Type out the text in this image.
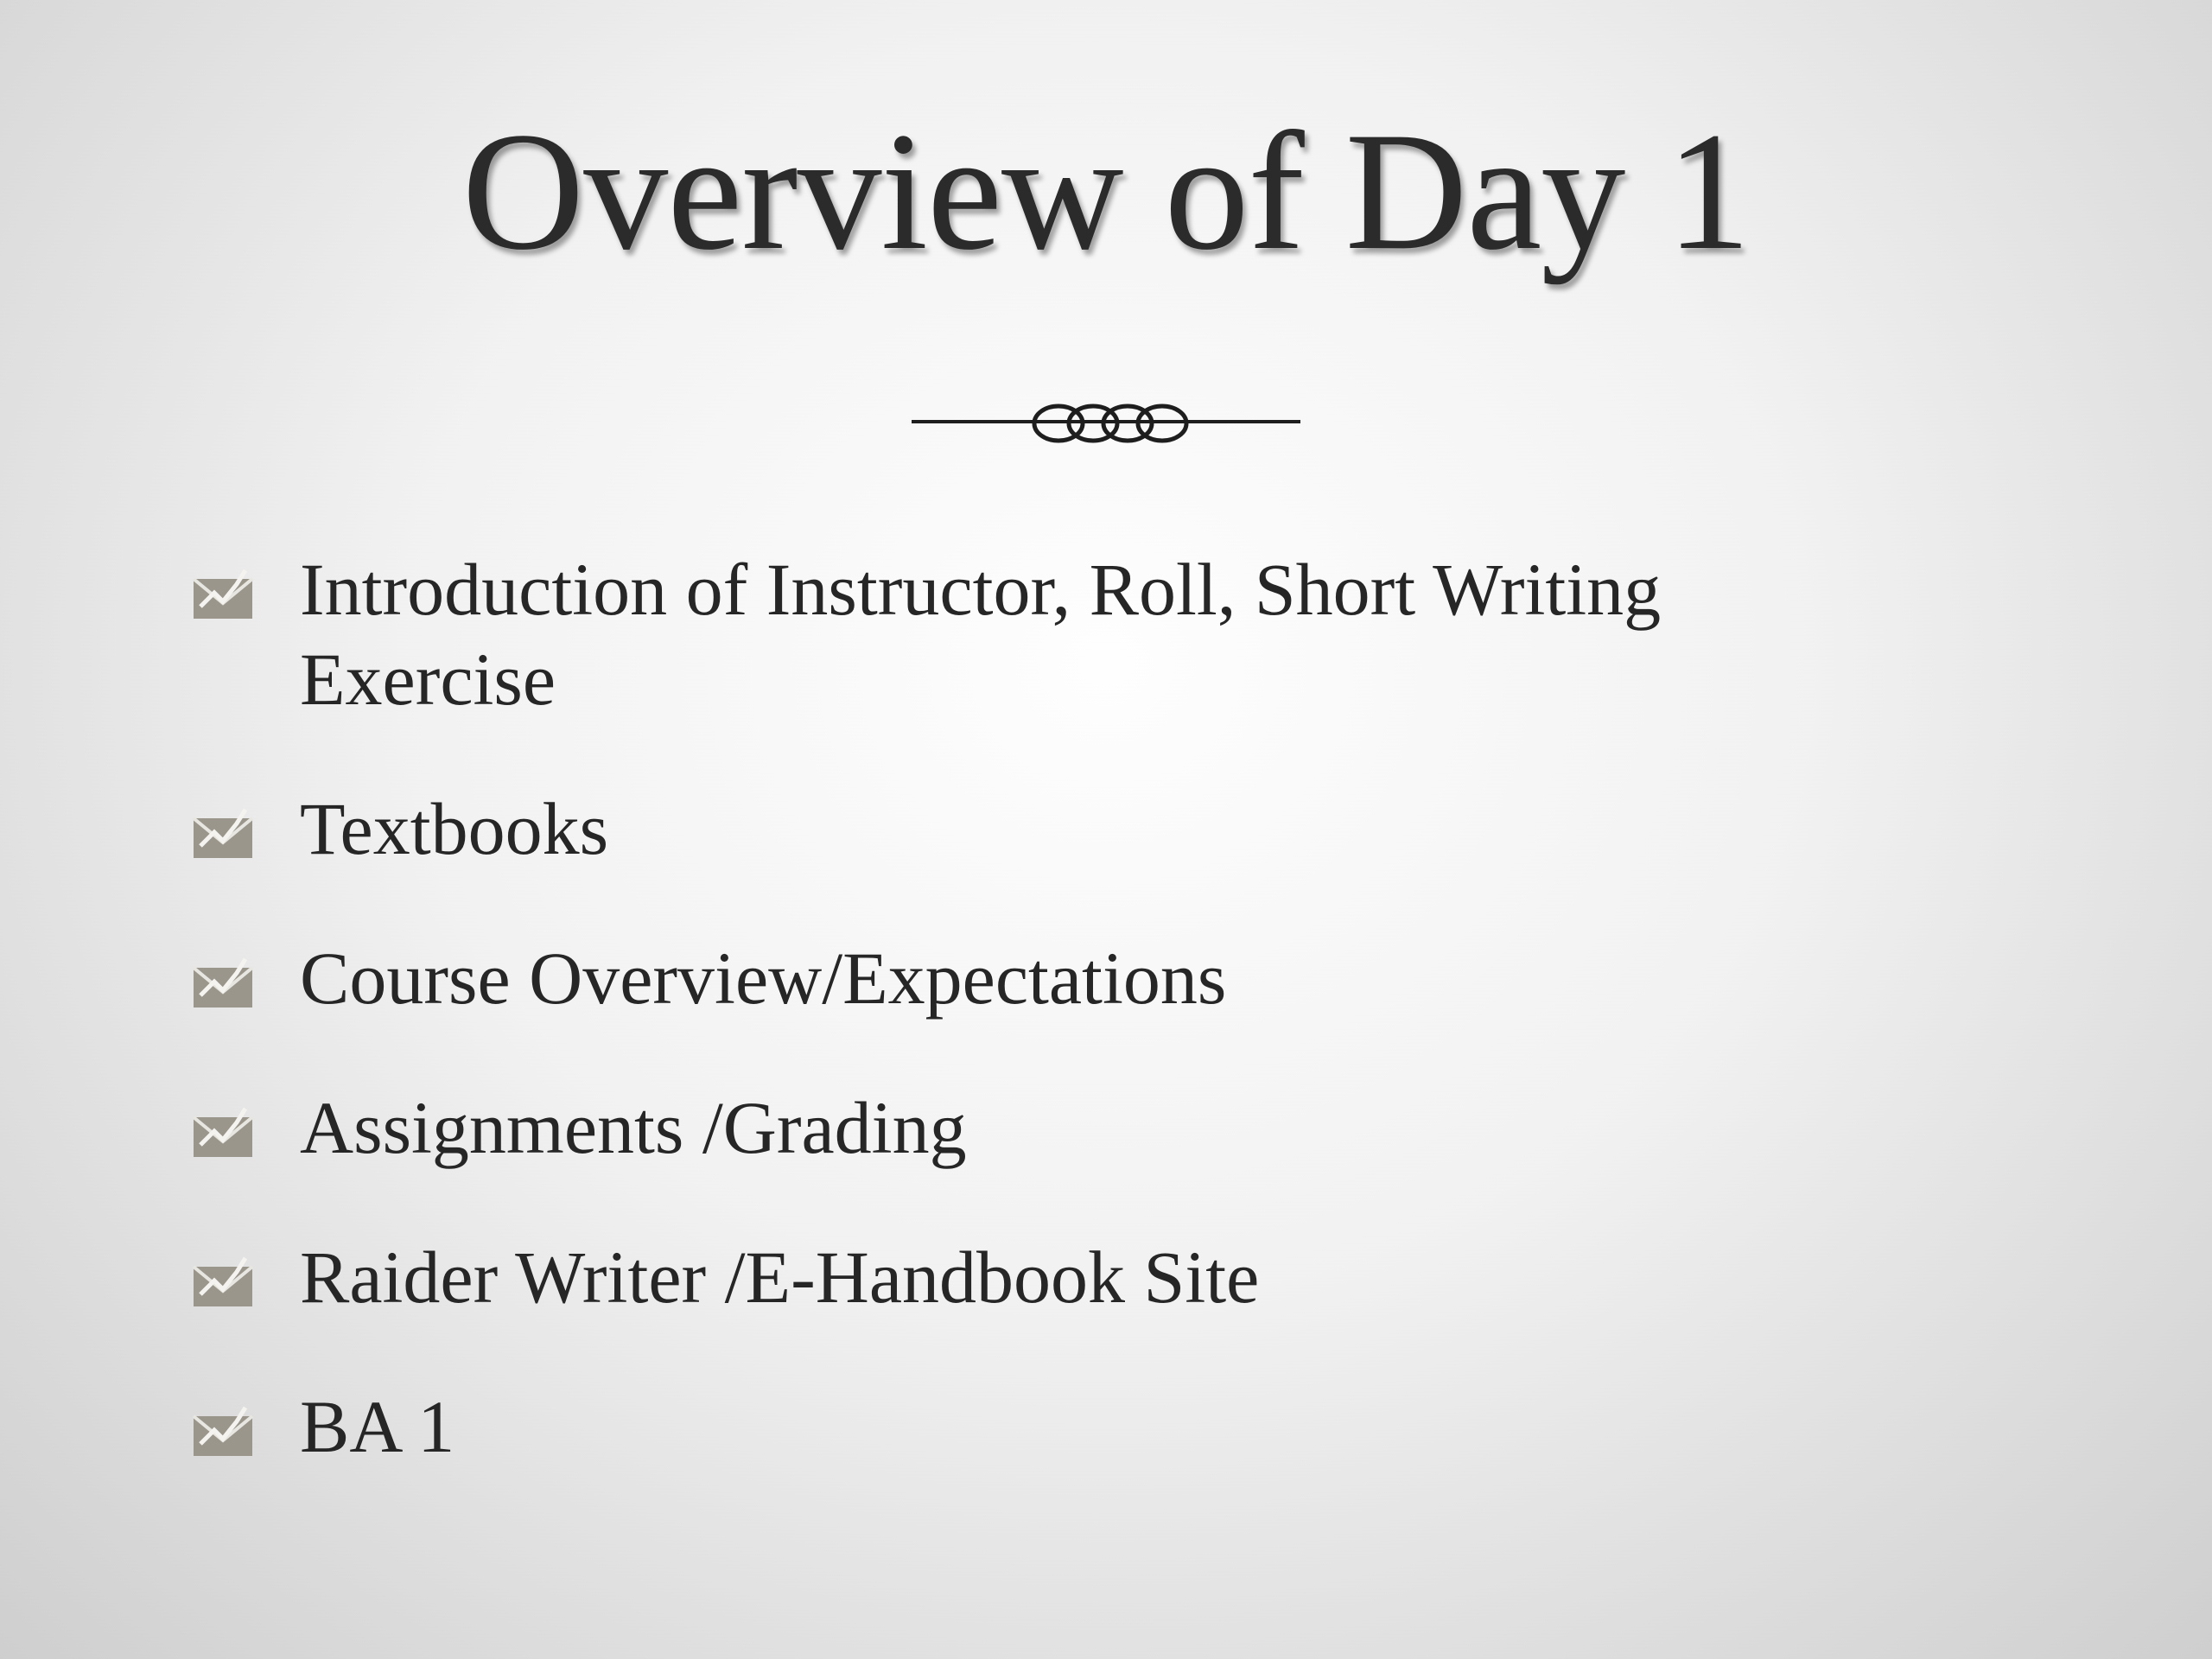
Overview of Day 1
Introduction of Instructor, Roll, Short Writing Exercise
Textbooks
Course Overview/Expectations
Assignments /Grading
Raider Writer /E-Handbook Site
BA 1
